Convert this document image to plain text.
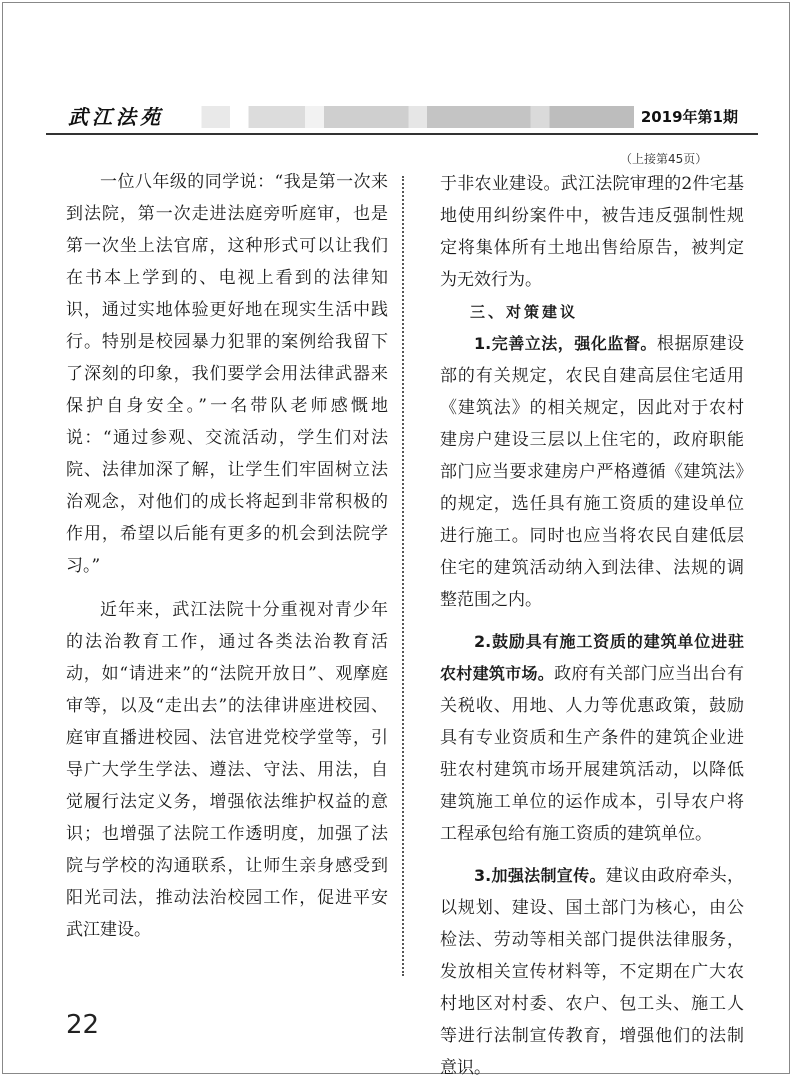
武江法苑	2019年第1期
（上接第45页）

一位八年级的同学说：“我是第一次来到法院，第一次走进法庭旁听庭审，也是第一次坐上法官席，这种形式可以让我们在书本上学到的、电视上看到的法律知识，通过实地体验更好地在现实生活中践行。特别是校园暴力犯罪的案例给我留下了深刻的印象，我们要学会用法律武器来保护自身安全。”一名带队老师感慨地说：“通过参观、交流活动，学生们对法院、法律加深了解，让学生们牢固树立法治观念，对他们的成长将起到非常积极的作用，希望以后能有更多的机会到法院学习。”

近年来，武江法院十分重视对青少年的法治教育工作，通过各类法治教育活动，如“请进来”的“法院开放日”、观摩庭审等，以及“走出去”的法律讲座进校园、庭审直播进校园、法官进党校学堂等，引导广大学生学法、遵法、守法、用法，自觉履行法定义务，增强依法维护权益的意识；也增强了法院工作透明度，加强了法院与学校的沟通联系，让师生亲身感受到阳光司法，推动法治校园工作，促进平安武江建设。

于非农业建设。武江法院审理的2件宅基地使用纠纷案件中，被告违反强制性规定将集体所有土地出售给原告，被判定为无效行为。

三、对策建议

1.完善立法，强化监督。根据原建设部的有关规定，农民自建高层住宅适用《建筑法》的相关规定，因此对于农村建房户建设三层以上住宅的，政府职能部门应当要求建房户严格遵循《建筑法》的规定，选任具有施工资质的建设单位进行施工。同时也应当将农民自建低层住宅的建筑活动纳入到法律、法规的调整范围之内。

2.鼓励具有施工资质的建筑单位进驻农村建筑市场。政府有关部门应当出台有关税收、用地、人力等优惠政策，鼓励具有专业资质和生产条件的建筑企业进驻农村建筑市场开展建筑活动，以降低建筑施工单位的运作成本，引导农户将工程承包给有施工资质的建筑单位。

3.加强法制宣传。建议由政府牵头，以规划、建设、国土部门为核心，由公检法、劳动等相关部门提供法律服务，发放相关宣传材料等，不定期在广大农村地区对村委、农户、包工头、施工人等进行法制宣传教育，增强他们的法制意识。

22
